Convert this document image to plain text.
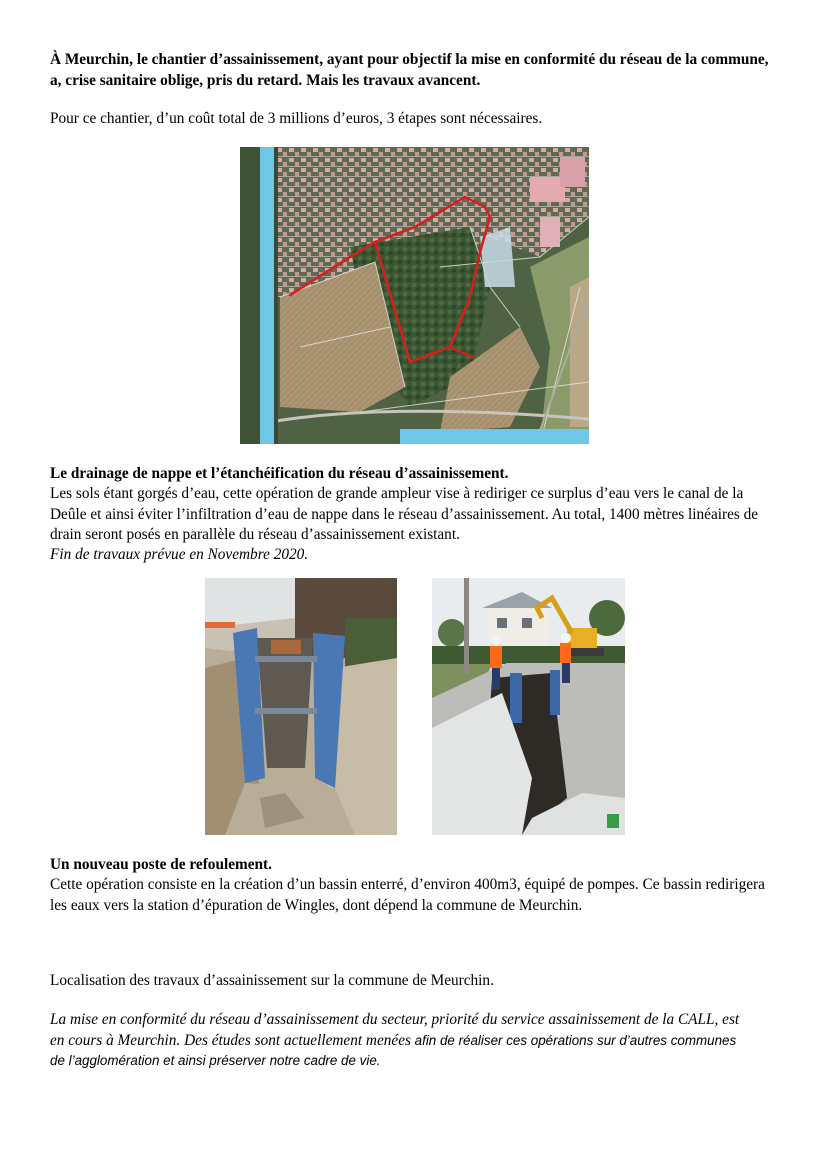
À Meurchin, le chantier d’assainissement, ayant pour objectif la mise en conformité du réseau de la commune, a, crise sanitaire oblige, pris du retard. Mais les travaux avancent.
Pour ce chantier, d’un coût total de 3 millions d’euros, 3 étapes sont nécessaires.
Le drainage de nappe et l’étanchéification du réseau d’assainissement.
Les sols étant gorgés d’eau, cette opération de grande ampleur vise à rediriger ce surplus d’eau vers le canal de la Deûle et ainsi éviter l’infiltration d’eau de nappe dans le réseau d’assainissement. Au total, 1400 mètres linéaires de drain seront posés en parallèle du réseau d’assainissement existant.
Fin de travaux prévue en Novembre 2020.
Un nouveau poste de refoulement.
Cette opération consiste en la création d’un bassin enterré, d’environ 400m3, équipé de pompes. Ce bassin redirigera les eaux vers la station d’épuration de Wingles, dont dépend la commune de Meurchin.
Localisation des travaux d’assainissement sur la commune de Meurchin.
La mise en conformité du réseau d’assainissement du secteur, priorité du service assainissement de la CALL, est en cours à Meurchin. Des études sont actuellement menées afin de réaliser ces opérations sur d’autres communes de l’agglomération et ainsi préserver notre cadre de vie.
